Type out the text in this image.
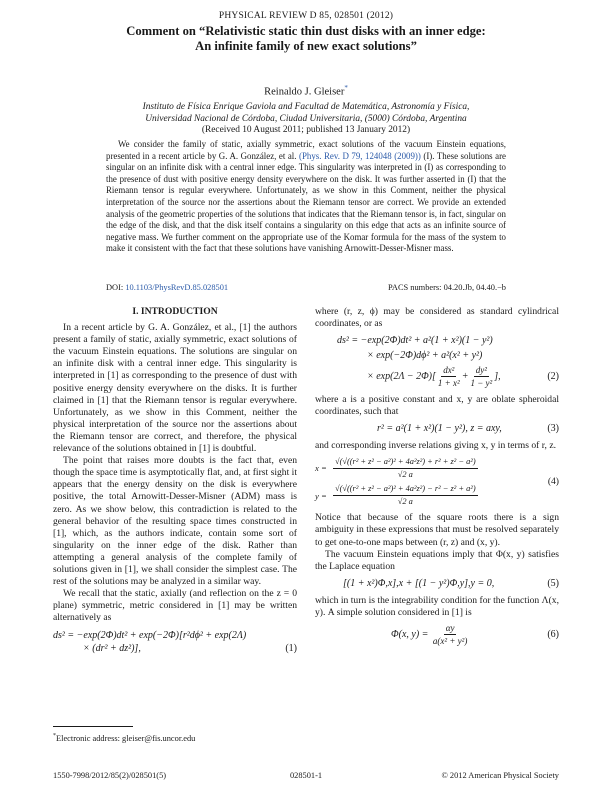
PHYSICAL REVIEW D 85, 028501 (2012)
Comment on “Relativistic static thin dust disks with an inner edge:
An infinite family of new exact solutions”
Reinaldo J. Gleiser*
Instituto de Física Enrique Gaviola and Facultad de Matemática, Astronomía y Física,
Universidad Nacional de Córdoba, Ciudad Universitaria, (5000) Córdoba, Argentina
(Received 10 August 2011; published 13 January 2012)
We consider the family of static, axially symmetric, exact solutions of the vacuum Einstein equations, presented in a recent article by G. A. González, et al. (Phys. Rev. D 79, 124048 (2009)) (I). These solutions are singular on an infinite disk with a central inner edge. This singularity was interpreted in (I) as corresponding to the presence of dust with positive energy density everywhere on the disk. It was further asserted in (I) that the Riemann tensor is regular everywhere. Unfortunately, as we show in this Comment, neither the physical interpretation of the source nor the assertions about the Riemann tensor are correct. We provide an extended analysis of the geometric properties of the solutions that indicates that the Riemann tensor is, in fact, singular on the edge of the disk, and that the disk itself contains a singularity on this edge that acts as an infinite source of negative mass. We further comment on the appropriate use of the Komar formula for the mass of the system to make it consistent with the fact that these solutions have vanishing Arnowitt-Desser-Misner mass.
DOI: 10.1103/PhysRevD.85.028501	PACS numbers: 04.20.Jb, 04.40.−b
I. INTRODUCTION

In a recent article by G. A. González, et al., [1] the authors present a family of static, axially symmetric, exact solutions of the vacuum Einstein equations. The solutions are singular on an infinite disk with a central inner edge. This singularity is interpreted in [1] as corresponding to the presence of dust with positive energy density everywhere on the disks. It is further claimed in [1] that the Riemann tensor is regular everywhere. Unfortunately, as we show in this Comment, neither the physical interpretation of the source nor the assertions about the Riemann tensor are correct, and therefore, the physical relevance of the solutions obtained in [1] is doubtful.

The point that raises more doubts is the fact that, even though the space time is asymptotically flat, and, at first sight it appears that the energy density on the disk is everywhere positive, the total Arnowitt-Desser-Misner (ADM) mass is zero. As we show below, this contradiction is related to the general behavior of the resulting space times constructed in [1], which, as the authors indicate, contain some sort of singularity on the inner edge of the disk. Rather than attempting a general analysis of the complete family of solutions given in [1], we shall consider the simplest case. The rest of the solutions may be analyzed in a similar way.

We recall that the static, axially (and reflection on the z = 0 plane) symmetric, metric considered in [1] may be written alternatively as

ds² = −exp(2Φ)dt² + exp(−2Φ)[r²dϕ² + exp(2Λ)
× (dr² + dz²)],	(1)

where (r, z, ϕ) may be considered as standard cylindrical coordinates, or as

ds² = −exp(2Φ)dt² + a²(1 + x²)(1 − y²)
× exp(−2Φ)dϕ² + a²(x² + y²)
× $\exp(2\Lambda - 2\Phi)[ \frac{\text{dx²}}{\text{1 + x²}} + \frac{\text{dy²}}{\text{1 − y²}}$ ],	(2)

where a is a positive constant and x, y are oblate spheroidal coordinates, such that

r² = a²(1 + x²)(1 − y²), z = axy,	(3)

and corresponding inverse relations giving x, y in terms of r, z.

$x = \frac{\text{√(√((r² + z² − a²)² + 4a²z²) + r² + z² − a²)}}{√2 a}$
$y = \frac{\text{√(√((r² + z² − a²)² + 4a²z²) − r² − z² + a²)}}{√2 a}$
(4)

Notice that because of the square roots there is a sign ambiguity in these expressions that must be resolved separately to get one-to-one maps between (r, z) and (x, y).

The vacuum Einstein equations imply that Φ(x, y) satisfies the Laplace equation

[(1 + x²)Φ,x],x + [(1 − y²)Φ,y],y = 0,	(5)

which in turn is the integrability condition for the function Λ(x, y). A simple solution considered in [1] is

Φ(x, $y) = \frac{\alpha y}{\text{a(x² + y²)}}$	(6)
*Electronic address: gleiser@fis.uncor.edu
1550-7998/2012/85(2)/028501(5)	028501-1	© 2012 American Physical Society
